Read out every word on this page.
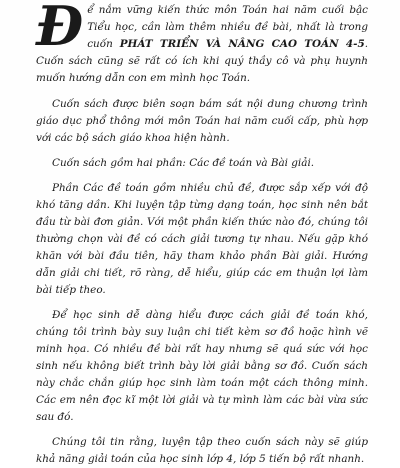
Để nắm vững kiến thức môn Toán hai năm cuối bậc Tiểu học, cần làm thêm nhiều đề bài, nhất là trong cuốn PHÁT TRIỂN VÀ NÂNG CAO TOÁN 4-5. Cuốn sách cũng sẽ rất có ích khi quý thầy cô và phụ huynh muốn hướng dẫn con em mình học Toán.

Cuốn sách được biên soạn bám sát nội dung chương trình giáo dục phổ thông mới môn Toán hai năm cuối cấp, phù hợp với các bộ sách giáo khoa hiện hành.

Cuốn sách gồm hai phần: Các đề toán và Bài giải.

Phần Các đề toán gồm nhiều chủ đề, được sắp xếp với độ khó tăng dần. Khi luyện tập từng dạng toán, học sinh nên bắt đầu từ bài đơn giản. Với một phần kiến thức nào đó, chúng tôi thường chọn vài đề có cách giải tương tự nhau. Nếu gặp khó khăn với bài đầu tiên, hãy tham khảo phần Bài giải. Hướng dẫn giải chi tiết, rõ ràng, dễ hiểu, giúp các em thuận lợi làm bài tiếp theo.

Để học sinh dễ dàng hiểu được cách giải đề toán khó, chúng tôi trình bày suy luận chi tiết kèm sơ đồ hoặc hình vẽ minh họa. Có nhiều đề bài rất hay nhưng sẽ quá sức với học sinh nếu không biết trình bày lời giải bằng sơ đồ. Cuốn sách này chắc chắn giúp học sinh làm toán một cách thông minh. Các em nên đọc kĩ một lời giải và tự mình làm các bài vừa sức sau đó.

Chúng tôi tin rằng, luyện tập theo cuốn sách này sẽ giúp khả năng giải toán của học sinh lớp 4, lớp 5 tiến bộ rất nhanh.
